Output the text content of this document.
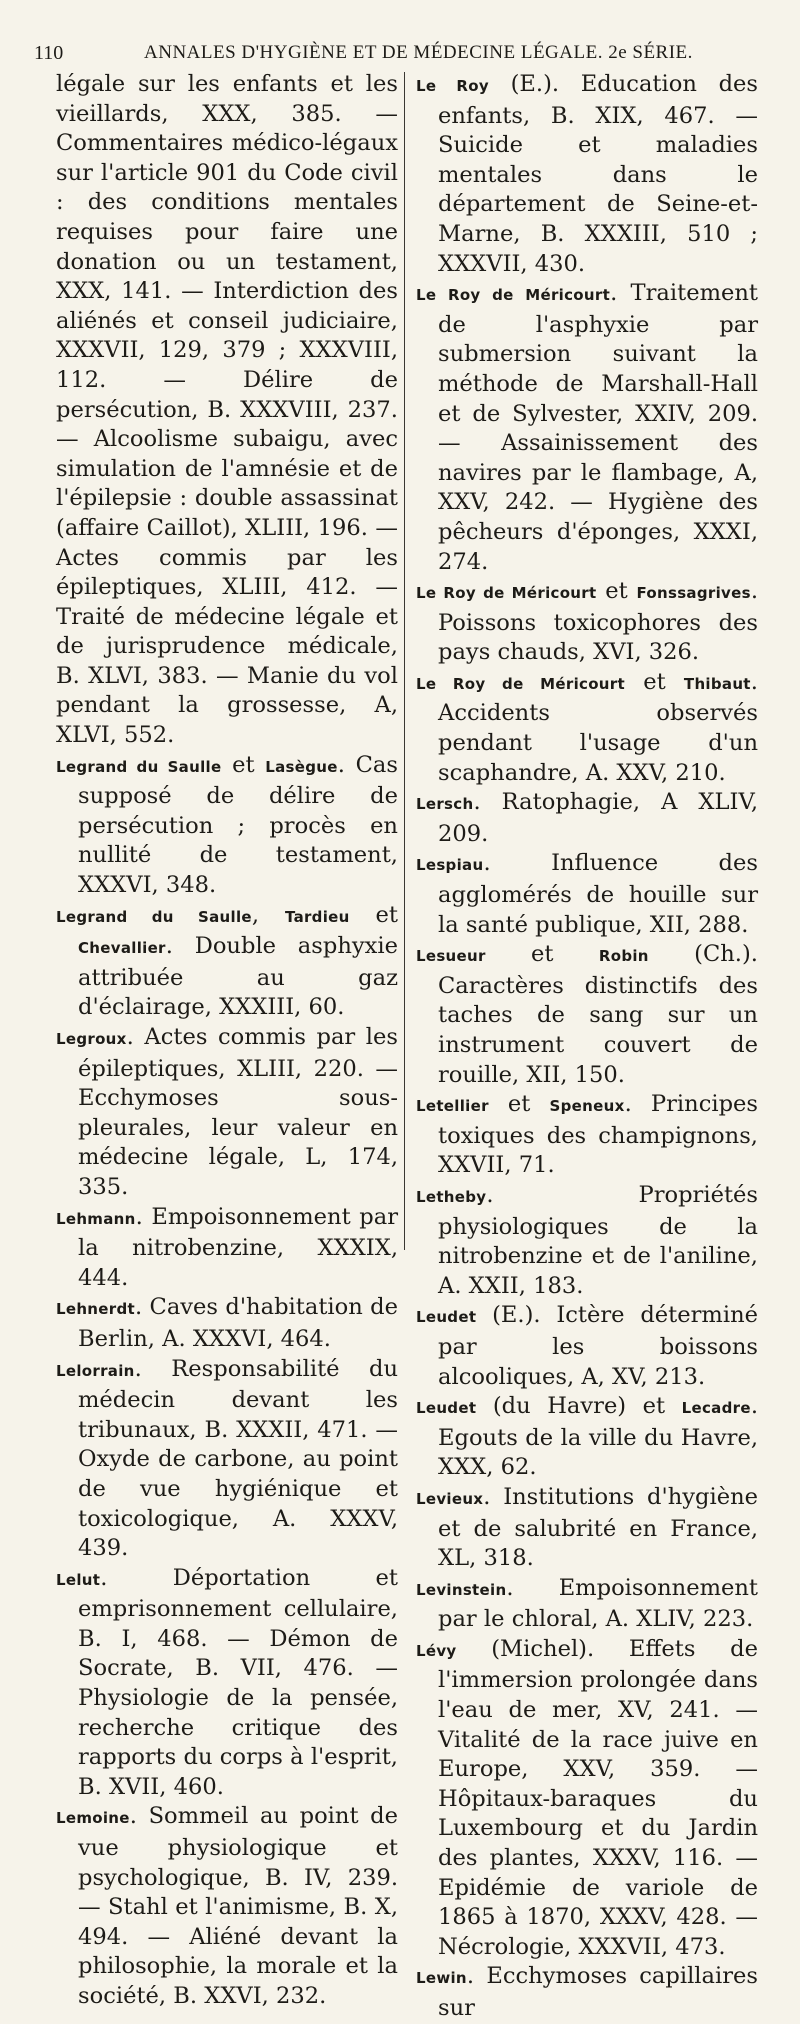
110	ANNALES D'HYGIÈNE ET DE MÉDECINE LÉGALE. 2e SÉRIE.

légale sur les enfants et les vieillards, XXX, 385. — Commentaires médico-légaux sur l'article 901 du Code civil : des conditions mentales requises pour faire une donation ou un testament, XXX, 141. — Interdiction des aliénés et conseil judiciaire, XXXVII, 129, 379 ; XXXVIII, 112. — Délire de persécution, B. XXXVIII, 237. — Alcoolisme subaigu, avec simulation de l'amnésie et de l'épilepsie : double assassinat (affaire Caillot), XLIII, 196. — Actes commis par les épileptiques, XLIII, 412. — Traité de médecine légale et de jurisprudence médicale, B. XLVI, 383. — Manie du vol pendant la grossesse, A, XLVI, 552.

Legrand du Saulle et Lasègue. Cas supposé de délire de persécution ; procès en nullité de testament, XXXVI, 348.

Legrand du Saulle, Tardieu et Chevallier. Double asphyxie attribuée au gaz d'éclairage, XXXIII, 60.

Legroux. Actes commis par les épileptiques, XLIII, 220. — Ecchymoses sous-pleurales, leur valeur en médecine légale, L, 174, 335.

Lehmann. Empoisonnement par la nitrobenzine, XXXIX, 444.

Lehnerdt. Caves d'habitation de Berlin, A. XXXVI, 464.

Lelorrain. Responsabilité du médecin devant les tribunaux, B. XXXII, 471. — Oxyde de carbone, au point de vue hygiénique et toxicologique, A. XXXV, 439.

Lelut. Déportation et emprisonnement cellulaire, B. I, 468. — Démon de Socrate, B. VII, 476. — Physiologie de la pensée, recherche critique des rapports du corps à l'esprit, B. XVII, 460.

Lemoine. Sommeil au point de vue physiologique et psychologique, B. IV, 239. — Stahl et l'animisme, B. X, 494. — Aliéné devant la philosophie, la morale et la société, B. XXVI, 232.

Le Roy (E.). Education des enfants, B. XIX, 467. — Suicide et maladies mentales dans le département de Seine-et-Marne, B. XXXIII, 510 ; XXXVII, 430.

Le Roy de Méricourt. Traitement de l'asphyxie par submersion suivant la méthode de Marshall-Hall et de Sylvester, XXIV, 209. — Assainissement des navires par le flambage, A, XXV, 242. — Hygiène des pêcheurs d'éponges, XXXI, 274.

Le Roy de Méricourt et Fonssagrives. Poissons toxicophores des pays chauds, XVI, 326.

Le Roy de Méricourt et Thibaut. Accidents observés pendant l'usage d'un scaphandre, A. XXV, 210.

Lersch. Ratophagie, A XLIV, 209.

Lespiau. Influence des agglomérés de houille sur la santé publique, XII, 288.

Lesueur et Robin (Ch.). Caractères distinctifs des taches de sang sur un instrument couvert de rouille, XII, 150.

Letellier et Speneux. Principes toxiques des champignons, XXVII, 71.

Letheby. Propriétés physiologiques de la nitrobenzine et de l'aniline, A. XXII, 183.

Leudet (E.). Ictère déterminé par les boissons alcooliques, A, XV, 213.

Leudet (du Havre) et Lecadre. Egouts de la ville du Havre, XXX, 62.

Levieux. Institutions d'hygiène et de salubrité en France, XL, 318.

Levinstein. Empoisonnement par le chloral, A. XLIV, 223.

Lévy (Michel). Effets de l'immersion prolongée dans l'eau de mer, XV, 241. — Vitalité de la race juive en Europe, XXV, 359. — Hôpitaux-baraques du Luxembourg et du Jardin des plantes, XXXV, 116. — Epidémie de variole de 1865 à 1870, XXXV, 428. — Nécrologie, XXXVII, 473.

Lewin. Ecchymoses capillaires sur
